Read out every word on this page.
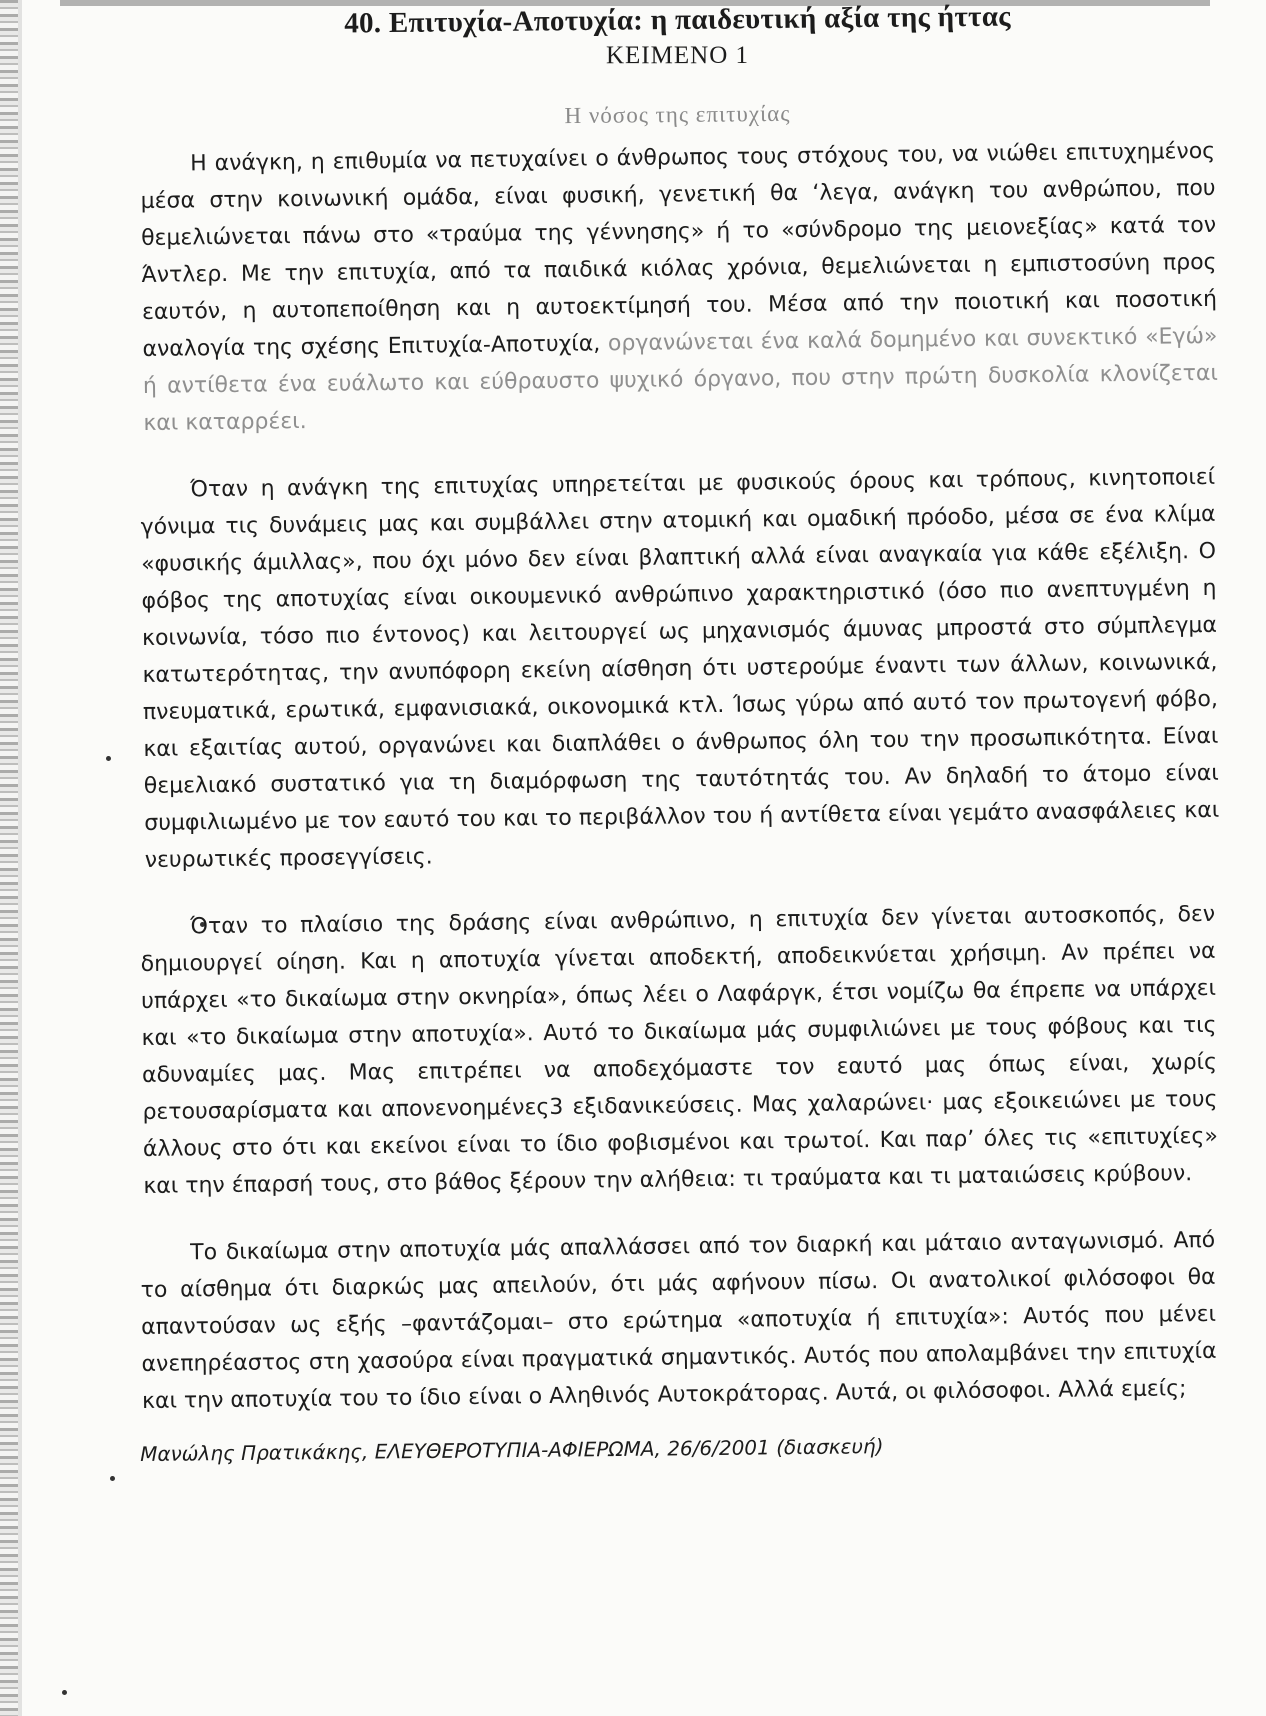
40. Επιτυχία-Αποτυχία: η παιδευτική αξία της ήττας
ΚΕΙΜΕΝΟ 1
Η νόσος της επιτυχίας

Η ανάγκη, η επιθυμία να πετυχαίνει ο άνθρωπος τους στόχους του, να νιώθει επιτυχημένος μέσα στην κοινωνική ομάδα, είναι φυσική, γενετική θα ‘λεγα, ανάγκη του ανθρώπου, που θεμελιώνεται πάνω στο «τραύμα της γέννησης» ή το «σύνδρομο της μειονεξίας» κατά τον Άντλερ. Με την επιτυχία, από τα παιδικά κιόλας χρόνια, θεμελιώνεται η εμπιστοσύνη προς εαυτόν, η αυτοπεποίθηση και η αυτοεκτίμησή του. Μέσα από την ποιοτική και ποσοτική αναλογία της σχέσης Επιτυχία-Αποτυχία, οργανώνεται ένα καλά δομημένο και συνεκτικό «Εγώ» ή αντίθετα ένα ευάλωτο και εύθραυστο ψυχικό όργανο, που στην πρώτη δυσκολία κλονίζεται και καταρρέει.

Όταν η ανάγκη της επιτυχίας υπηρετείται με φυσικούς όρους και τρόπους, κινητοποιεί γόνιμα τις δυνάμεις μας και συμβάλλει στην ατομική και ομαδική πρόοδο, μέσα σε ένα κλίμα «φυσικής άμιλλας», που όχι μόνο δεν είναι βλαπτική αλλά είναι αναγκαία για κάθε εξέλιξη. Ο φόβος της αποτυχίας είναι οικουμενικό ανθρώπινο χαρακτηριστικό (όσο πιο ανεπτυγμένη η κοινωνία, τόσο πιο έντονος) και λειτουργεί ως μηχανισμός άμυνας μπροστά στο σύμπλεγμα κατωτερότητας, την ανυπόφορη εκείνη αίσθηση ότι υστερούμε έναντι των άλλων, κοινωνικά, πνευματικά, ερωτικά, εμφανισιακά, οικονομικά κτλ. Ίσως γύρω από αυτό τον πρωτογενή φόβο, και εξαιτίας αυτού, οργανώνει και διαπλάθει ο άνθρωπος όλη του την προσωπικότητα. Είναι θεμελιακό συστατικό για τη διαμόρφωση της ταυτότητάς του. Αν δηλαδή το άτομο είναι συμφιλιωμένο με τον εαυτό του και το περιβάλλον του ή αντίθετα είναι γεμάτο ανασφάλειες και νευρωτικές προσεγγίσεις.

Όταν το πλαίσιο της δράσης είναι ανθρώπινο, η επιτυχία δεν γίνεται αυτοσκοπός, δεν δημιουργεί οίηση. Και η αποτυχία γίνεται αποδεκτή, αποδεικνύεται χρήσιμη. Αν πρέπει να υπάρχει «το δικαίωμα στην οκνηρία», όπως λέει ο Λαφάργκ, έτσι νομίζω θα έπρεπε να υπάρχει και «το δικαίωμα στην αποτυχία». Αυτό το δικαίωμα μάς συμφιλιώνει με τους φόβους και τις αδυναμίες μας. Μας επιτρέπει να αποδεχόμαστε τον εαυτό μας όπως είναι, χωρίς ρετουσαρίσματα και απονενοημένες3 εξιδανικεύσεις. Μας χαλαρώνει· μας εξοικειώνει με τους άλλους στο ότι και εκείνοι είναι το ίδιο φοβισμένοι και τρωτοί. Και παρ’ όλες τις «επιτυχίες» και την έπαρσή τους, στο βάθος ξέρουν την αλήθεια: τι τραύματα και τι ματαιώσεις κρύβουν.

Το δικαίωμα στην αποτυχία μάς απαλλάσσει από τον διαρκή και μάταιο ανταγωνισμό. Από το αίσθημα ότι διαρκώς μας απειλούν, ότι μάς αφήνουν πίσω. Οι ανατολικοί φιλόσοφοι θα απαντούσαν ως εξής –φαντάζομαι– στο ερώτημα «αποτυχία ή επιτυχία»: Αυτός που μένει ανεπηρέαστος στη χασούρα είναι πραγματικά σημαντικός. Αυτός που απολαμβάνει την επιτυχία και την αποτυχία του το ίδιο είναι ο Αληθινός Αυτοκράτορας. Αυτά, οι φιλόσοφοι. Αλλά εμείς;

Μανώλης Πρατικάκης, ΕΛΕΥΘΕΡΟΤΥΠΙΑ-ΑΦΙΕΡΩΜΑ, 26/6/2001 (διασκευή)
